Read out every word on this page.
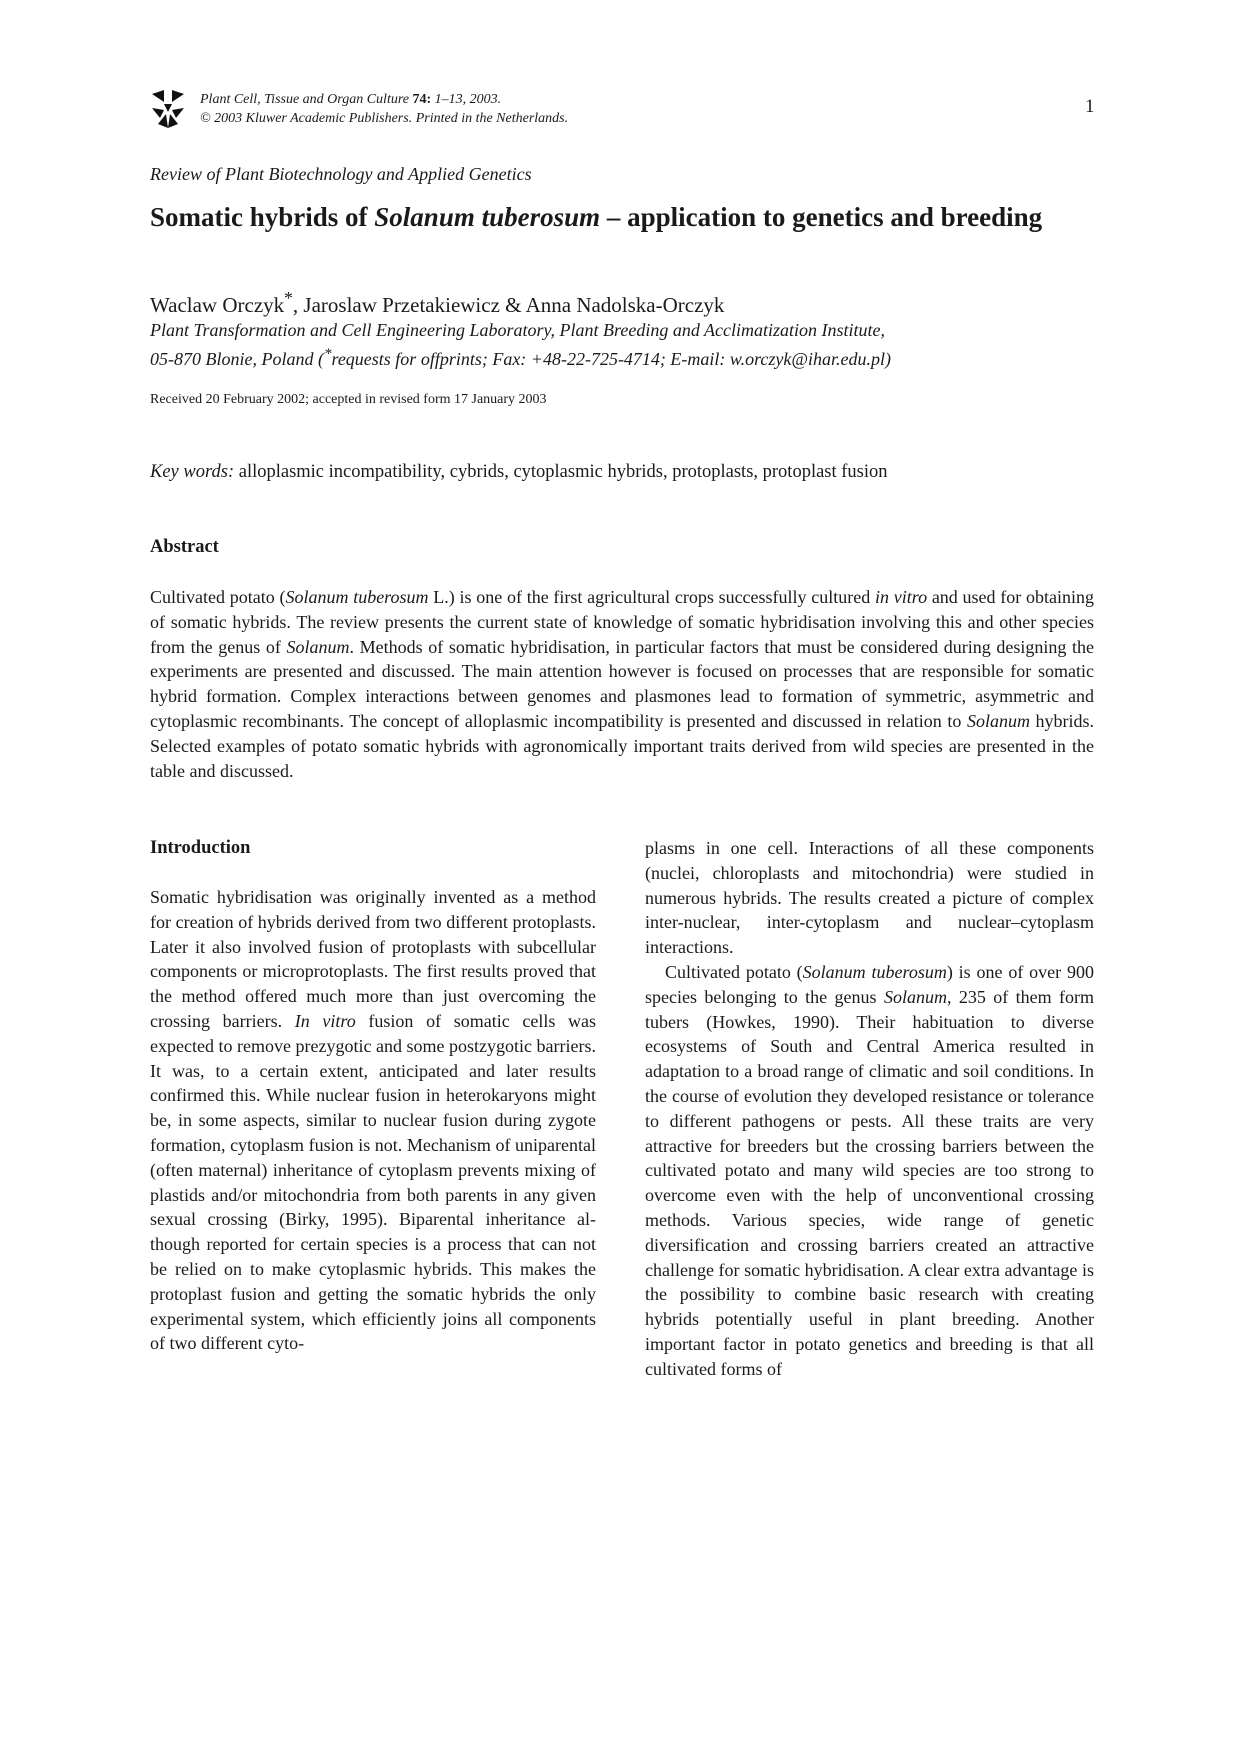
Plant Cell, Tissue and Organ Culture 74: 1–13, 2003.
© 2003 Kluwer Academic Publishers. Printed in the Netherlands.
1
Review of Plant Biotechnology and Applied Genetics
Somatic hybrids of Solanum tuberosum – application to genetics and breeding
Waclaw Orczyk*, Jaroslaw Przetakiewicz & Anna Nadolska-Orczyk
Plant Transformation and Cell Engineering Laboratory, Plant Breeding and Acclimatization Institute,
05-870 Blonie, Poland (*requests for offprints; Fax: +48-22-725-4714; E-mail: w.orczyk@ihar.edu.pl)
Received 20 February 2002; accepted in revised form 17 January 2003
Key words: alloplasmic incompatibility, cybrids, cytoplasmic hybrids, protoplasts, protoplast fusion
Abstract
Cultivated potato (Solanum tuberosum L.) is one of the first agricultural crops successfully cultured in vitro and used for obtaining of somatic hybrids. The review presents the current state of knowledge of somatic hybridisation involving this and other species from the genus of Solanum. Methods of somatic hybridisation, in particular factors that must be considered during designing the experiments are presented and discussed. The main attention however is focused on processes that are responsible for somatic hybrid formation. Complex interactions between genomes and plasmones lead to formation of symmetric, asymmetric and cytoplasmic recombinants. The concept of alloplasmic incompatibility is presented and discussed in relation to Solanum hybrids. Selected examples of potato somatic hybrids with agronomically important traits derived from wild species are presented in the table and discussed.
Introduction

Somatic hybridisation was originally invented as a method for creation of hybrids derived from two different protoplasts. Later it also involved fusion of protoplasts with subcellular components or microprotoplasts. The first results proved that the method offered much more than just overcoming the crossing barriers. In vitro fusion of somatic cells was expected to remove prezygotic and some postzygotic barriers. It was, to a certain extent, anticipated and later results confirmed this. While nuclear fusion in heterokaryons might be, in some aspects, similar to nuclear fusion during zygote formation, cytoplasm fusion is not. Mechanism of uniparental (often maternal) inheritance of cytoplasm prevents mixing of plastids and/or mitochondria from both parents in any given sexual crossing (Birky, 1995). Biparental inheritance although reported for certain species is a process that can not be relied on to make cytoplasmic hybrids. This makes the protoplast fusion and getting the somatic hybrids the only experimental system, which efficiently joins all components of two different cyto-

plasms in one cell. Interactions of all these components (nuclei, chloroplasts and mitochondria) were studied in numerous hybrids. The results created a picture of complex inter-nuclear, inter-cytoplasm and nuclear–cytoplasm interactions.

Cultivated potato (Solanum tuberosum) is one of over 900 species belonging to the genus Solanum, 235 of them form tubers (Howkes, 1990). Their habituation to diverse ecosystems of South and Central America resulted in adaptation to a broad range of climatic and soil conditions. In the course of evolution they developed resistance or tolerance to different pathogens or pests. All these traits are very attractive for breeders but the crossing barriers between the cultivated potato and many wild species are too strong to overcome even with the help of unconventional crossing methods. Various species, wide range of genetic diversification and crossing barriers created an attractive challenge for somatic hybridisation. A clear extra advantage is the possibility to combine basic research with creating hybrids potentially useful in plant breeding. Another important factor in potato genetics and breeding is that all cultivated forms of
